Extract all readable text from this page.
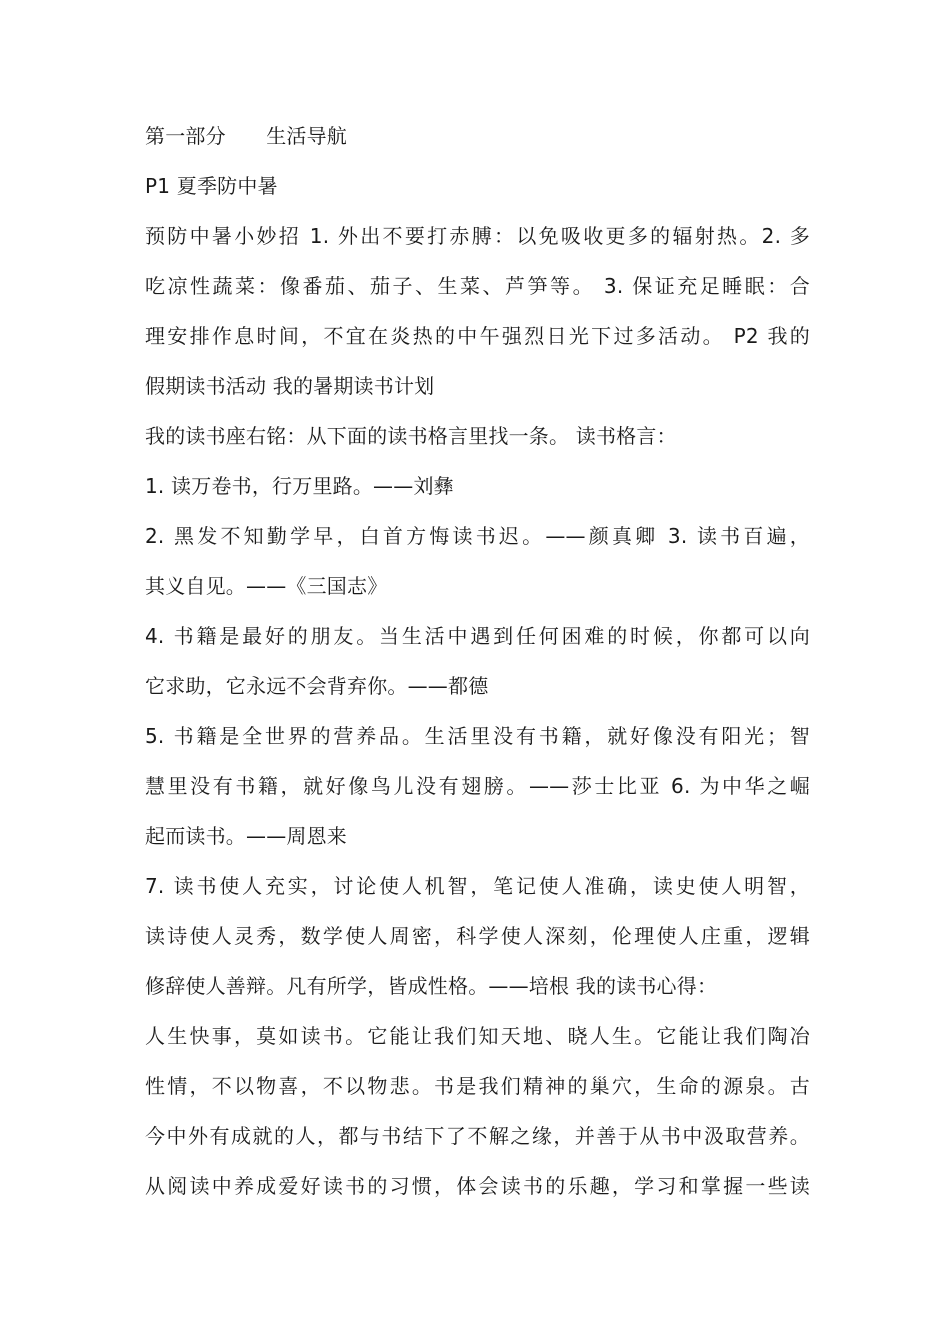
第一部分　　生活导航
P1 夏季防中暑
预防中暑小妙招 1. 外出不要打赤膊：以免吸收更多的辐射热。2. 多
吃凉性蔬菜：像番茄、茄子、生菜、芦笋等。 3. 保证充足睡眠：合
理安排作息时间，不宜在炎热的中午强烈日光下过多活动。 P2 我的
假期读书活动 我的暑期读书计划
我的读书座右铭：从下面的读书格言里找一条。 读书格言：
1. 读万卷书，行万里路。——刘彝
2. 黑发不知勤学早，白首方悔读书迟。——颜真卿 3. 读书百遍，
其义自见。——《三国志》
4. 书籍是最好的朋友。当生活中遇到任何困难的时候，你都可以向
它求助，它永远不会背弃你。——都德
5. 书籍是全世界的营养品。生活里没有书籍，就好像没有阳光；智
慧里没有书籍，就好像鸟儿没有翅膀。——莎士比亚 6. 为中华之崛
起而读书。——周恩来
7. 读书使人充实，讨论使人机智，笔记使人准确，读史使人明智，
读诗使人灵秀，数学使人周密，科学使人深刻，伦理使人庄重，逻辑
修辞使人善辩。凡有所学，皆成性格。——培根 我的读书心得：
人生快事，莫如读书。它能让我们知天地、晓人生。它能让我们陶冶
性情，不以物喜，不以物悲。书是我们精神的巢穴，生命的源泉。古
今中外有成就的人，都与书结下了不解之缘，并善于从书中汲取营养。
从阅读中养成爱好读书的习惯，体会读书的乐趣，学习和掌握一些读
